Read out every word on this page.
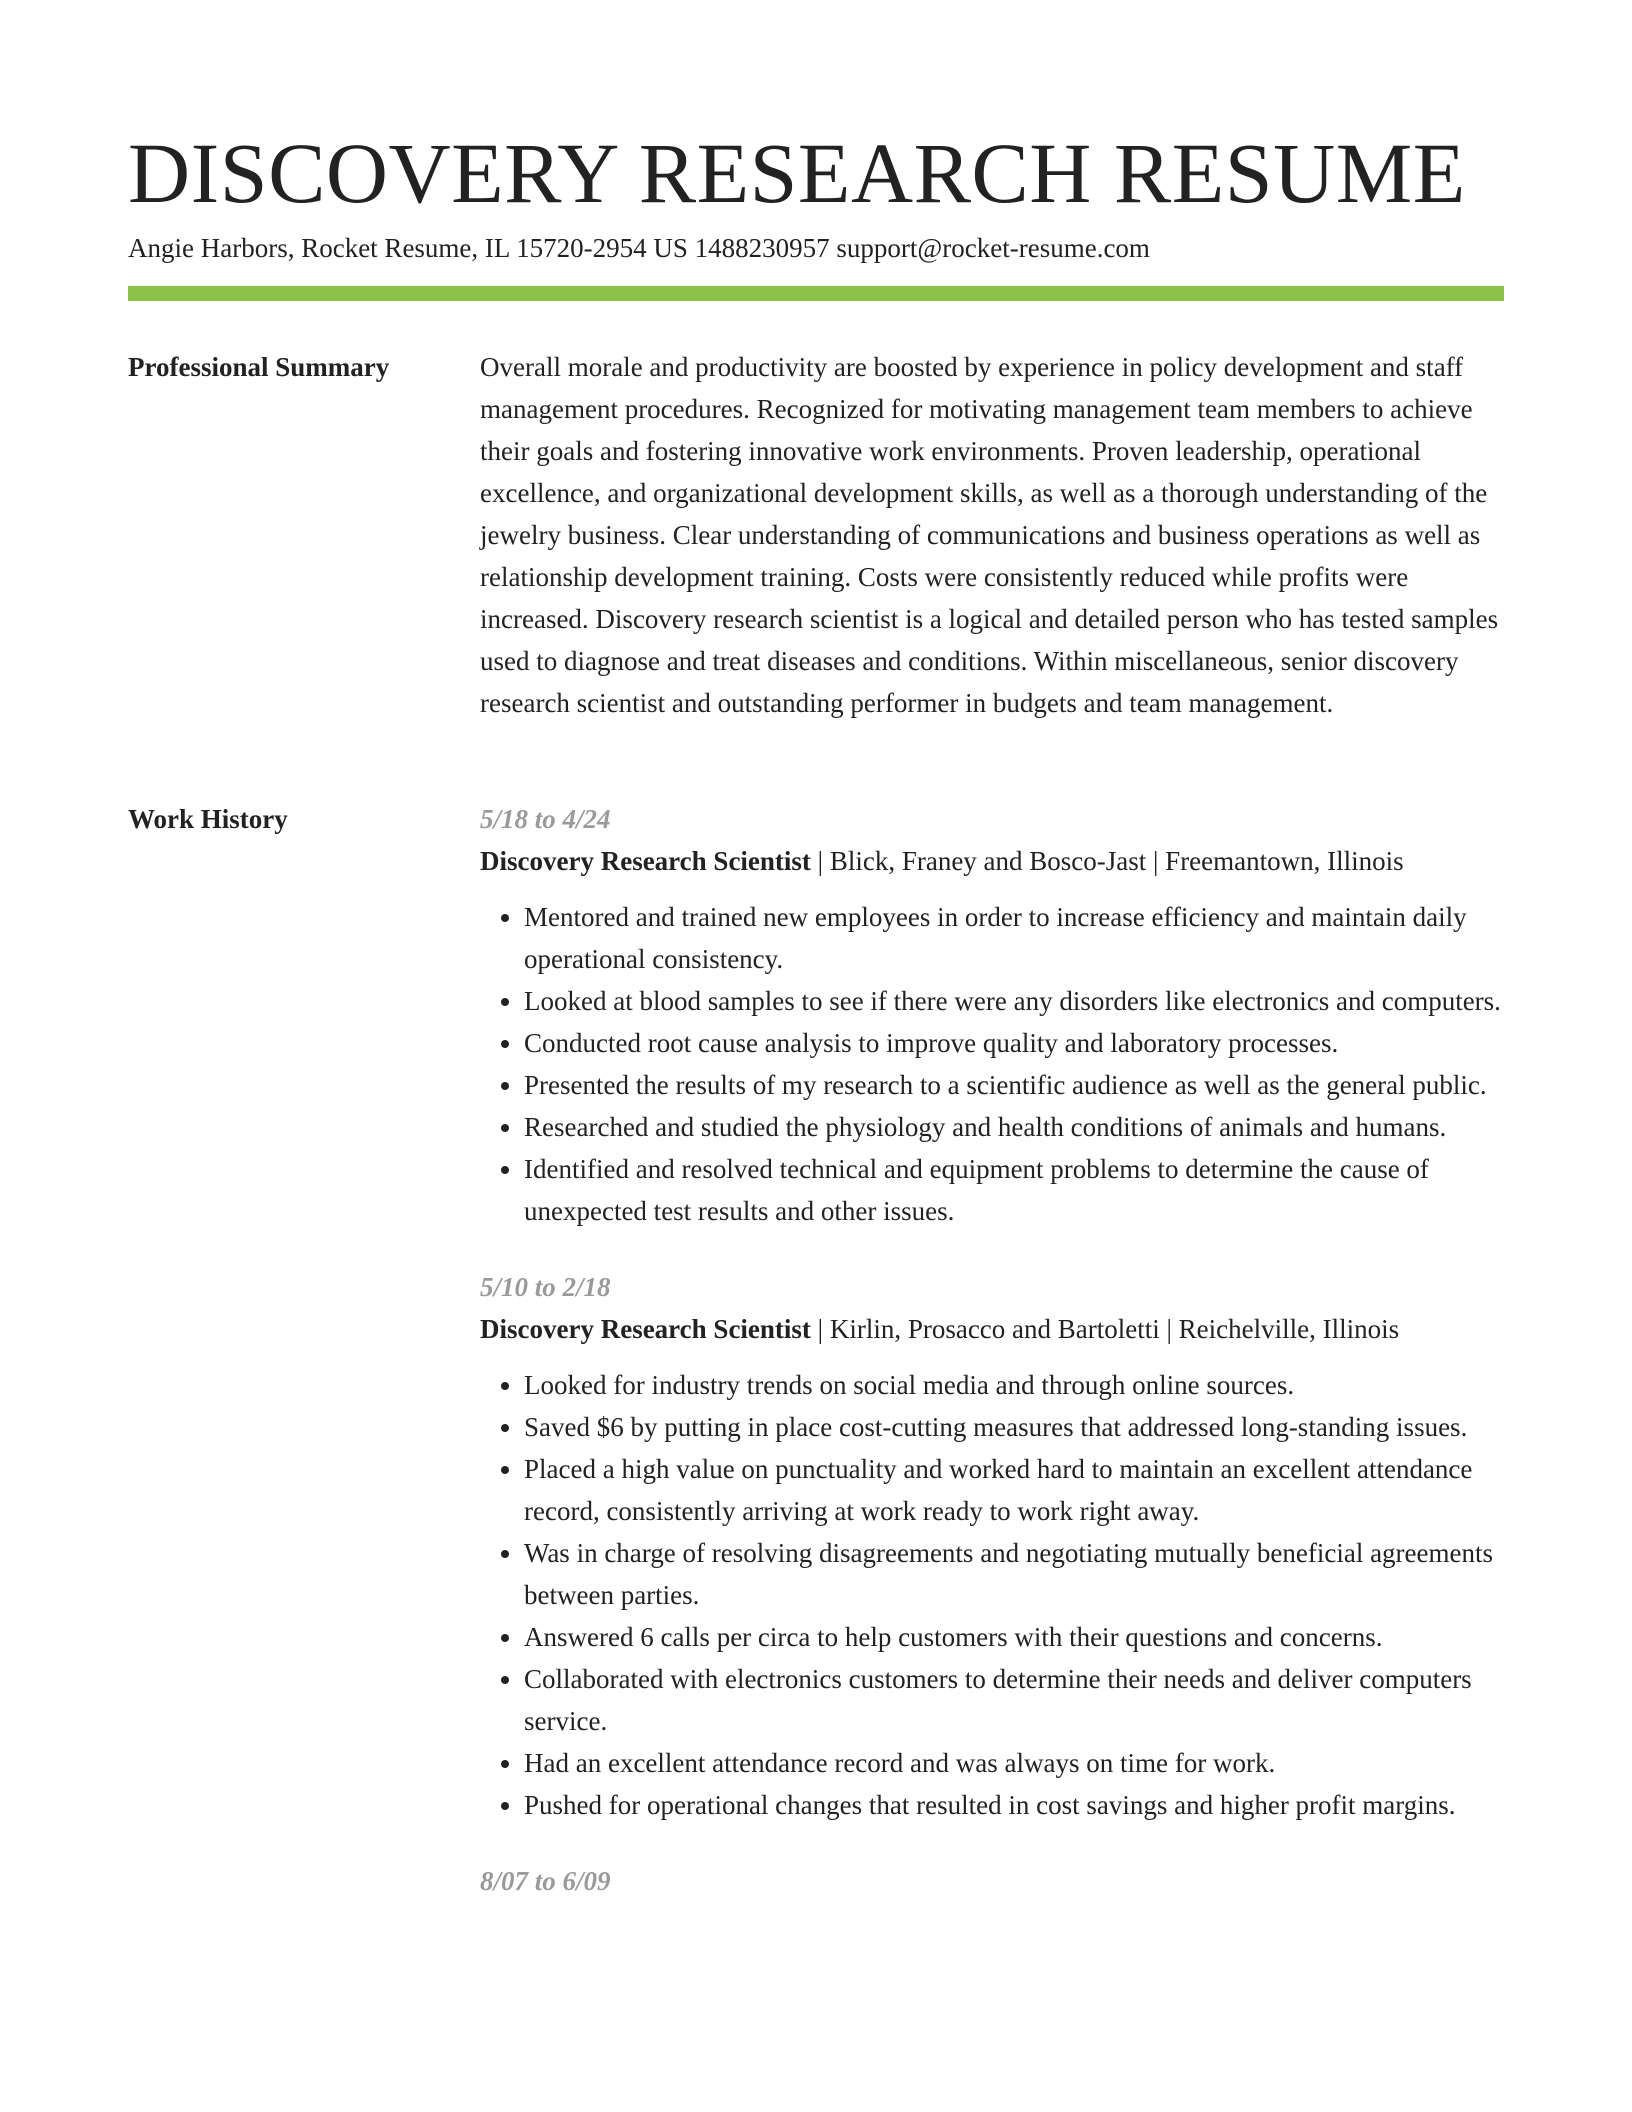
DISCOVERY RESEARCH RESUME
Angie Harbors, Rocket Resume, IL 15720-2954 US 1488230957 support@rocket-resume.com
Professional Summary	Overall morale and productivity are boosted by experience in policy development and staff management procedures. Recognized for motivating management team members to achieve their goals and fostering innovative work environments. Proven leadership, operational excellence, and organizational development skills, as well as a thorough understanding of the jewelry business. Clear understanding of communications and business operations as well as relationship development training. Costs were consistently reduced while profits were increased. Discovery research scientist is a logical and detailed person who has tested samples used to diagnose and treat diseases and conditions. Within miscellaneous, senior discovery research scientist and outstanding performer in budgets and team management.

Work History	5/18 to 4/24
Discovery Research Scientist | Blick, Franey and Bosco-Jast | Freemantown, Illinois
• Mentored and trained new employees in order to increase efficiency and maintain daily operational consistency.
• Looked at blood samples to see if there were any disorders like electronics and computers.
• Conducted root cause analysis to improve quality and laboratory processes.
• Presented the results of my research to a scientific audience as well as the general public.
• Researched and studied the physiology and health conditions of animals and humans.
• Identified and resolved technical and equipment problems to determine the cause of unexpected test results and other issues.
5/10 to 2/18
Discovery Research Scientist | Kirlin, Prosacco and Bartoletti | Reichelville, Illinois
• Looked for industry trends on social media and through online sources.
• Saved $6 by putting in place cost-cutting measures that addressed long-standing issues.
• Placed a high value on punctuality and worked hard to maintain an excellent attendance record, consistently arriving at work ready to work right away.
• Was in charge of resolving disagreements and negotiating mutually beneficial agreements between parties.
• Answered 6 calls per circa to help customers with their questions and concerns.
• Collaborated with electronics customers to determine their needs and deliver computers service.
• Had an excellent attendance record and was always on time for work.
• Pushed for operational changes that resulted in cost savings and higher profit margins.
8/07 to 6/09
